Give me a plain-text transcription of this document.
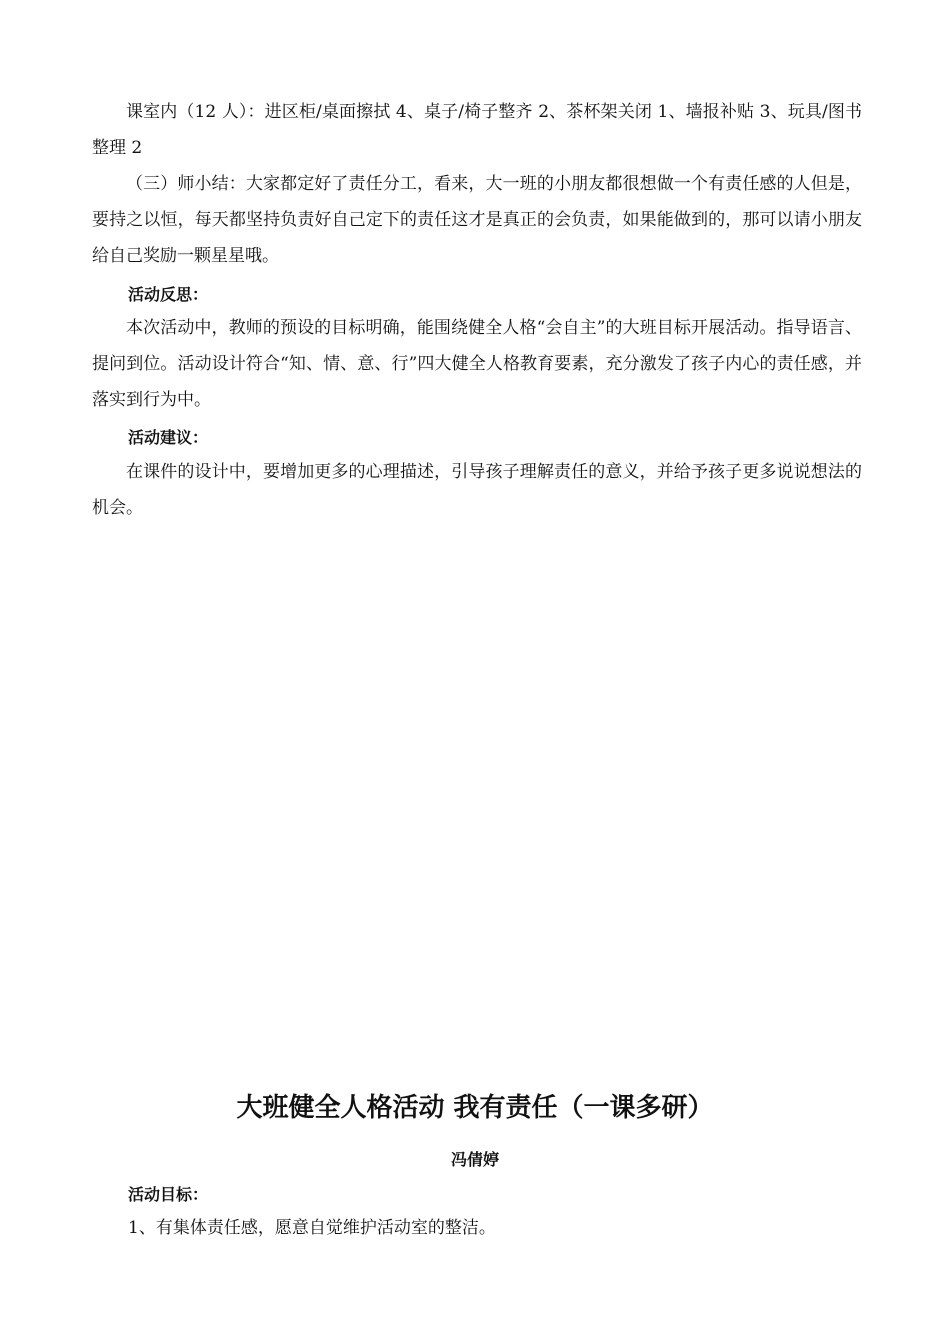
课室内（12 人）：进区柜/桌面擦拭 4、桌子/椅子整齐 2、茶杯架关闭 1、墙报补贴 3、玩具/图书整理 2

（三）师小结：大家都定好了责任分工，看来，大一班的小朋友都很想做一个有责任感的人但是，要持之以恒，每天都坚持负责好自己定下的责任这才是真正的会负责，如果能做到的，那可以请小朋友给自己奖励一颗星星哦。

活动反思：

本次活动中，教师的预设的目标明确，能围绕健全人格“会自主”的大班目标开展活动。指导语言、提问到位。活动设计符合“知、情、意、行”四大健全人格教育要素，充分激发了孩子内心的责任感，并落实到行为中。

活动建议：

在课件的设计中，要增加更多的心理描述，引导孩子理解责任的意义，并给予孩子更多说说想法的机会。

大班健全人格活动 我有责任（一课多研）
冯倩婷
活动目标：

1、有集体责任感，愿意自觉维护活动室的整洁。
